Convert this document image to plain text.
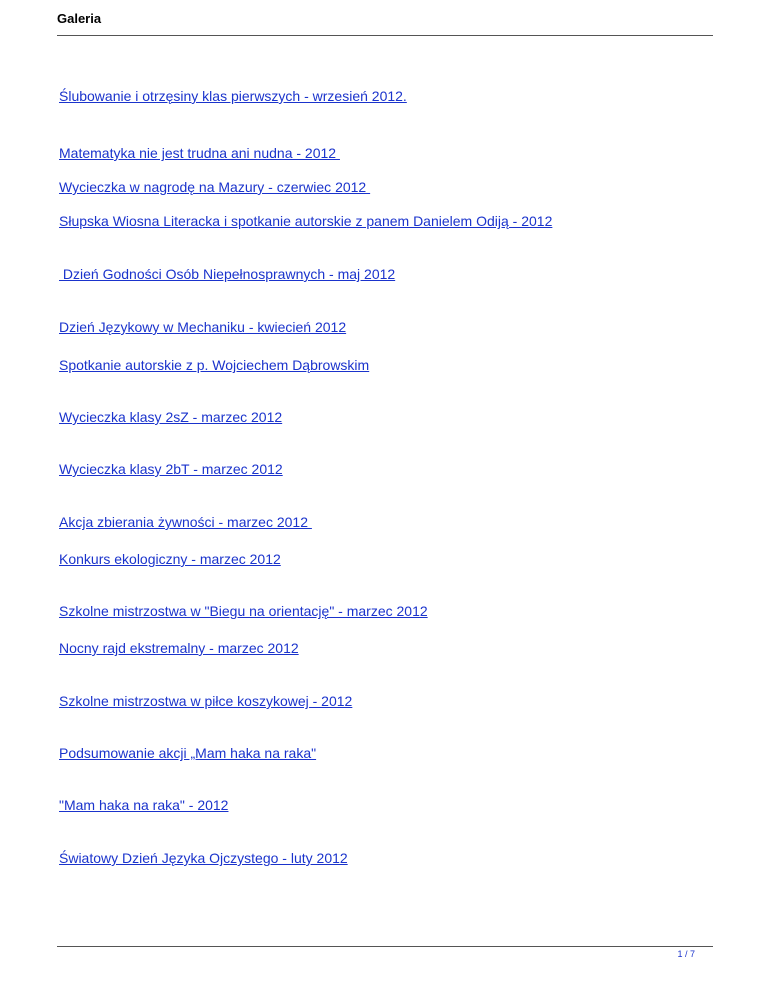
Galeria
Ślubowanie i otrzęsiny klas pierwszych - wrzesień 2012.
Matematyka nie jest trudna ani nudna - 2012
Wycieczka w nagrodę na Mazury - czerwiec 2012
Słupska Wiosna Literacka i spotkanie autorskie z panem Danielem Odiją - 2012
Dzień Godności Osób Niepełnosprawnych - maj 2012
Dzień Językowy w Mechaniku - kwiecień 2012
Spotkanie autorskie z p. Wojciechem Dąbrowskim
Wycieczka klasy 2sZ - marzec 2012
Wycieczka klasy 2bT - marzec 2012
Akcja zbierania żywności - marzec 2012
Konkurs ekologiczny - marzec 2012
Szkolne mistrzostwa w "Biegu na orientację" - marzec 2012
Nocny rajd ekstremalny - marzec 2012
Szkolne mistrzostwa w piłce koszykowej - 2012
Podsumowanie akcji „Mam haka na raka"
"Mam haka na raka" - 2012
Światowy Dzień Języka Ojczystego - luty 2012
1 / 7
